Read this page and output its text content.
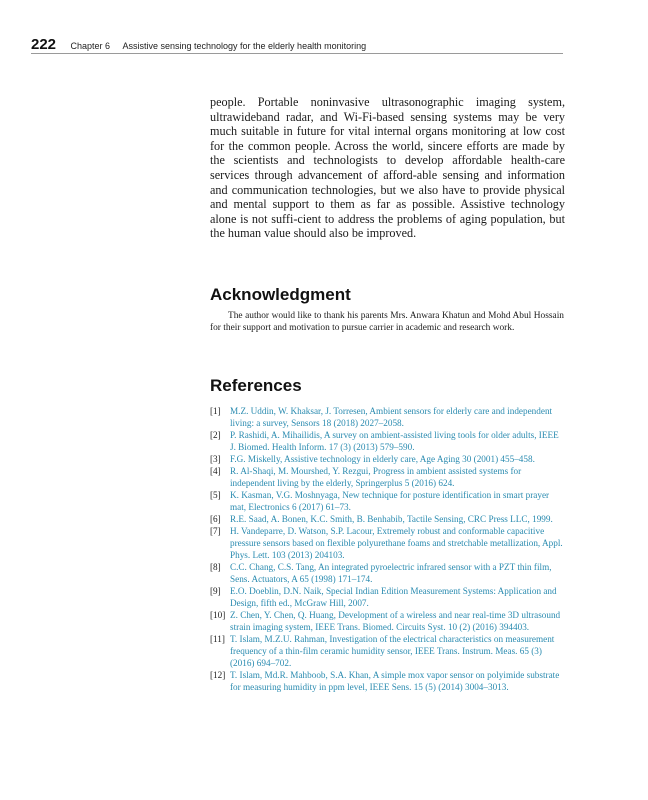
222 Chapter 6 Assistive sensing technology for the elderly health monitoring

people. Portable noninvasive ultrasonographic imaging system, ultrawideband radar, and Wi-Fi-based sensing systems may be very much suitable in future for vital internal organs monitoring at low cost for the common people. Across the world, sincere efforts are made by the scientists and technologists to develop affordable health-care services through advancement of afford-able sensing and information and communication technologies, but we also have to provide physical and mental support to them as far as possible. Assistive technology alone is not suffi-cient to address the problems of aging population, but the human value should also be improved.

Acknowledgment

The author would like to thank his parents Mrs. Anwara Khatun and Mohd Abul Hossain for their support and motivation to pursue carrier in academic and research work.

References
[1]	M.Z. Uddin, W. Khaksar, J. Torresen, Ambient sensors for elderly care and independent living: a survey, Sensors 18 (2018) 2027–2058.
[2]	P. Rashidi, A. Mihailidis, A survey on ambient-assisted living tools for older adults, IEEE J. Biomed. Health Inform. 17 (3) (2013) 579–590.
[3]	F.G. Miskelly, Assistive technology in elderly care, Age Aging 30 (2001) 455–458.
[4]	R. Al-Shaqi, M. Mourshed, Y. Rezgui, Progress in ambient assisted systems for independent living by the elderly, Springerplus 5 (2016) 624.
[5]	K. Kasman, V.G. Moshnyaga, New technique for posture identification in smart prayer mat, Electronics 6 (2017) 61–73.
[6]	R.E. Saad, A. Bonen, K.C. Smith, B. Benhabib, Tactile Sensing, CRC Press LLC, 1999.
[7]	H. Vandeparre, D. Watson, S.P. Lacour, Extremely robust and conformable capacitive pressure sensors based on flexible polyurethane foams and stretchable metallization, Appl. Phys. Lett. 103 (2013) 204103.
[8]	C.C. Chang, C.S. Tang, An integrated pyroelectric infrared sensor with a PZT thin film, Sens. Actuators, A 65 (1998) 171–174.
[9]	E.O. Doeblin, D.N. Naik, Special Indian Edition Measurement Systems: Application and Design, fifth ed., McGraw Hill, 2007.
[10] Z. Chen, Y. Chen, Q. Huang, Development of a wireless and near real-time 3D ultrasound strain imaging system, IEEE Trans. Biomed. Circuits Syst. 10 (2) (2016) 394403.
[11] T. Islam, M.Z.U. Rahman, Investigation of the electrical characteristics on measurement frequency of a thin-film ceramic humidity sensor, IEEE Trans. Instrum. Meas. 65 (3) (2016) 694–702.
[12] T. Islam, Md.R. Mahboob, S.A. Khan, A simple mox vapor sensor on polyimide substrate for measuring humidity in ppm level, IEEE Sens. 15 (5) (2014) 3004–3013.
